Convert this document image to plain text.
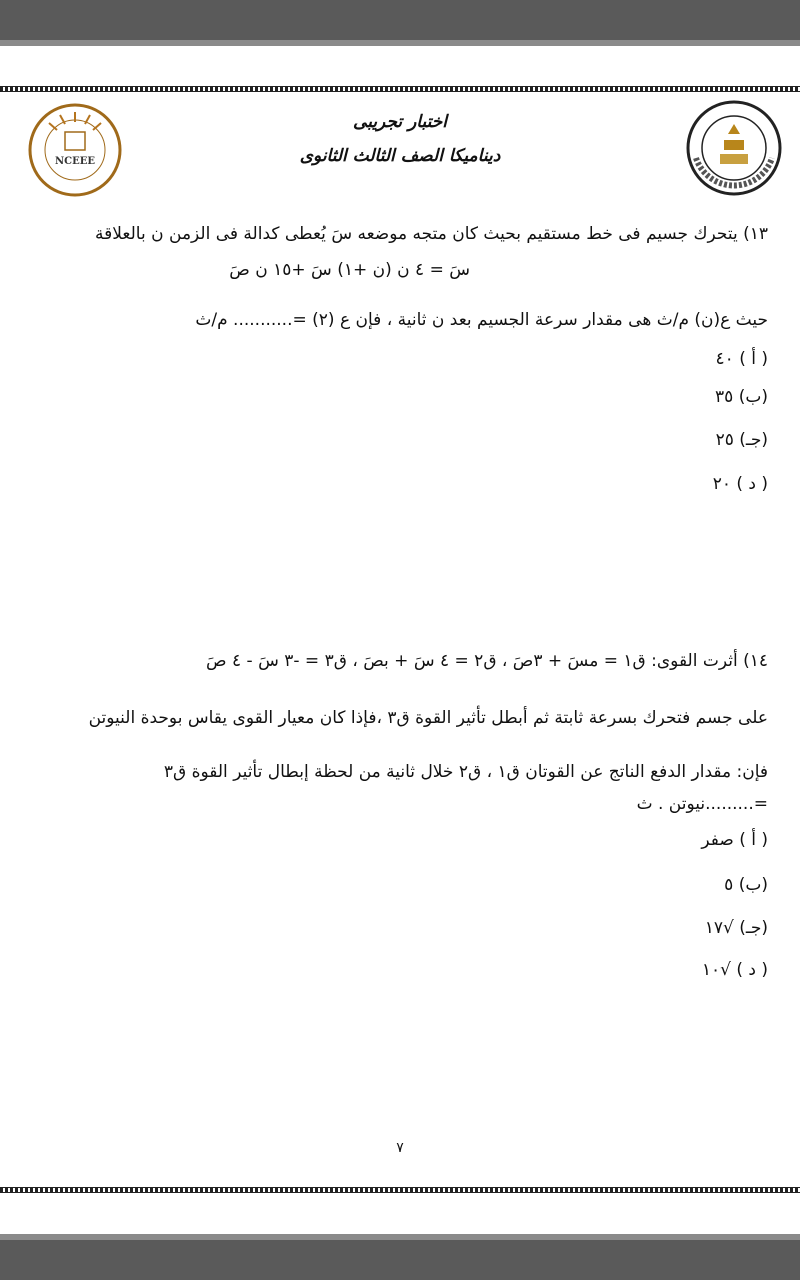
NCEEE
اختبار تجريبى
ديناميكا الصف الثالث الثانوى
١٣) يتحرك جسيم فى خط مستقيم بحيث كان متجه موضعه سَ يُعطى كدالة فى الزمن ن بالعلاقة
سَ = ٤ ن (ن +١) سَ +١٥ ن صَ
حيث ع(ن) م/ث هى مقدار سرعة الجسيم بعد ن ثانية ، فإن ع (٢) =........... م/ث
( أ ) ٤٠
(ب) ٣٥
(جـ) ٢٥
( د ) ٢٠
١٤) أثرت القوى: ق١ = مسَ + ٣صَ ، ق٢ = ٤ سَ + بصَ ، ق٣ = -٣ سَ - ٤ صَ
على جسم فتحرك بسرعة ثابتة ثم أبطل تأثير القوة ق٣ ،فإذا كان معيار القوى يقاس بوحدة النيوتن
فإن: مقدار الدفع الناتج عن القوتان ق١ ، ق٢ خلال ثانية من لحظة إبطال تأثير القوة ق٣
=.........نيوتن . ث
( أ ) صفر
(ب) ٥
(جـ) √١٧
( د ) √١٠
٧
